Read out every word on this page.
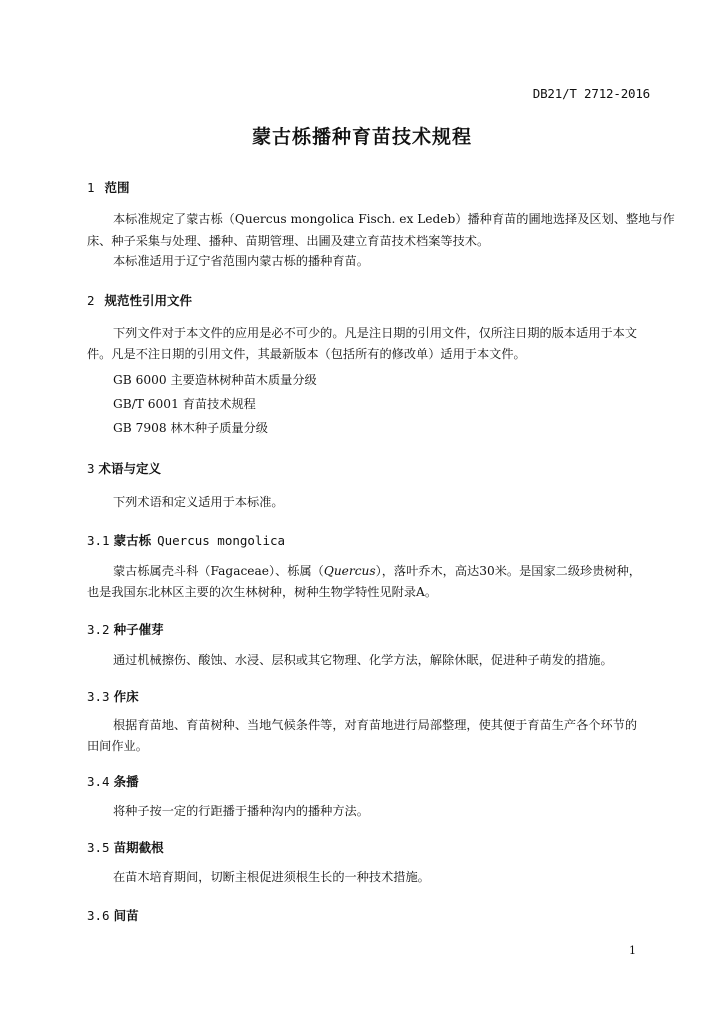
DB21/T 2712-2016
蒙古栎播种育苗技术规程
1 范围
本标准规定了蒙古栎（Quercus mongolica Fisch. ex Ledeb）播种育苗的圃地选择及区划、整地与作
床、种子采集与处理、播种、苗期管理、出圃及建立育苗技术档案等技术。
本标准适用于辽宁省范围内蒙古栎的播种育苗。
2 规范性引用文件
下列文件对于本文件的应用是必不可少的。凡是注日期的引用文件，仅所注日期的版本适用于本文
件。凡是不注日期的引用文件，其最新版本（包括所有的修改单）适用于本文件。
GB 6000 主要造林树种苗木质量分级
GB/T 6001 育苗技术规程
GB 7908 林木种子质量分级
3 术语与定义
下列术语和定义适用于本标准。
3.1 蒙古栎 Quercus mongolica
蒙古栎属壳斗科（Fagaceae）、栎属（Quercus），落叶乔木，高达30米。是国家二级珍贵树种，
也是我国东北林区主要的次生林树种，树种生物学特性见附录A。
3.2 种子催芽
通过机械擦伤、酸蚀、水浸、层积或其它物理、化学方法，解除休眠，促进种子萌发的措施。
3.3 作床
根据育苗地、育苗树种、当地气候条件等，对育苗地进行局部整理，使其便于育苗生产各个环节的
田间作业。
3.4 条播
将种子按一定的行距播于播种沟内的播种方法。
3.5 苗期截根
在苗木培育期间，切断主根促进须根生长的一种技术措施。
3.6 间苗
1
